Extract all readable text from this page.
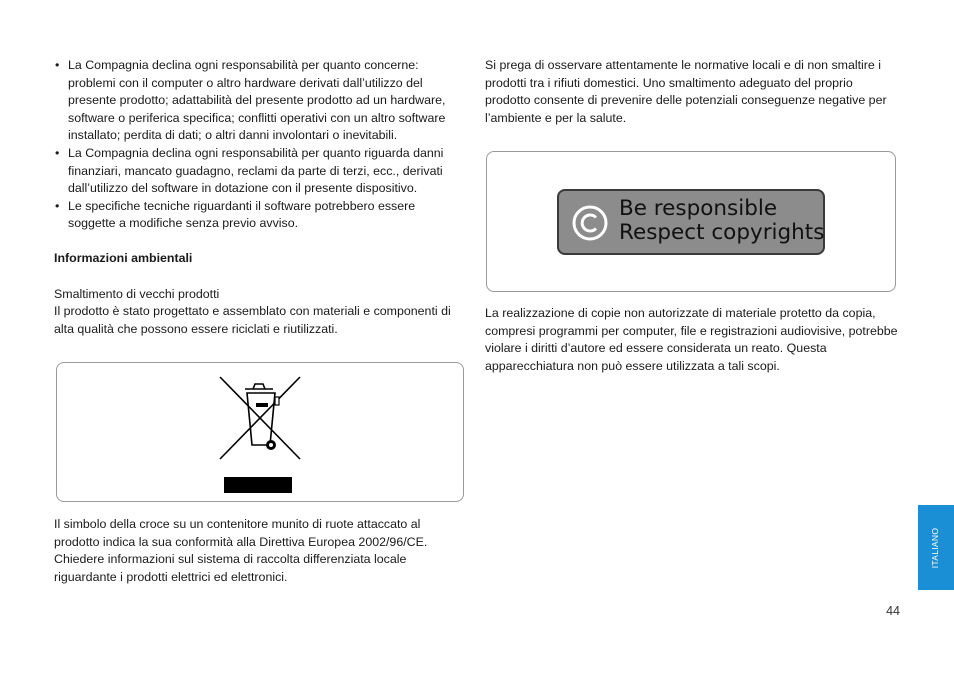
• La Compagnia declina ogni responsabilità per quanto concerne: problemi con il computer o altro hardware derivati dall’utilizzo del presente prodotto; adattabilità del presente prodotto ad un hardware, software o periferica specifica; conflitti operativi con un altro software installato; perdita di dati; o altri danni involontari o inevitabili.
• La Compagnia declina ogni responsabilità per quanto riguarda danni finanziari, mancato guadagno, reclami da parte di terzi, ecc., derivati dall’utilizzo del software in dotazione con il presente dispositivo.
• Le specifiche tecniche riguardanti il software potrebbero essere soggette a modifiche senza previo avviso.

Informazioni ambientali

Smaltimento di vecchi prodotti

Il prodotto è stato progettato e assemblato con materiali e componenti di alta qualità che possono essere riciclati e riutilizzati.

Il simbolo della croce su un contenitore munito di ruote attaccato al prodotto indica la sua conformità alla Direttiva Europea 2002/96/CE. Chiedere informazioni sul sistema di raccolta differenziata locale riguardante i prodotti elettrici ed elettronici.

Si prega di osservare attentamente le normative locali e di non smaltire i prodotti tra i rifiuti domestici. Uno smaltimento adeguato del proprio prodotto consente di prevenire delle potenziali conseguenze negative per l’ambiente e per la salute.

Be responsible
Respect copyrights

La realizzazione di copie non autorizzate di materiale protetto da copia, compresi programmi per computer, file e registrazioni audiovisive, potrebbe violare i diritti d’autore ed essere considerata un reato. Questa apparecchiatura non può essere utilizzata a tali scopi.

ITALIANO
44
